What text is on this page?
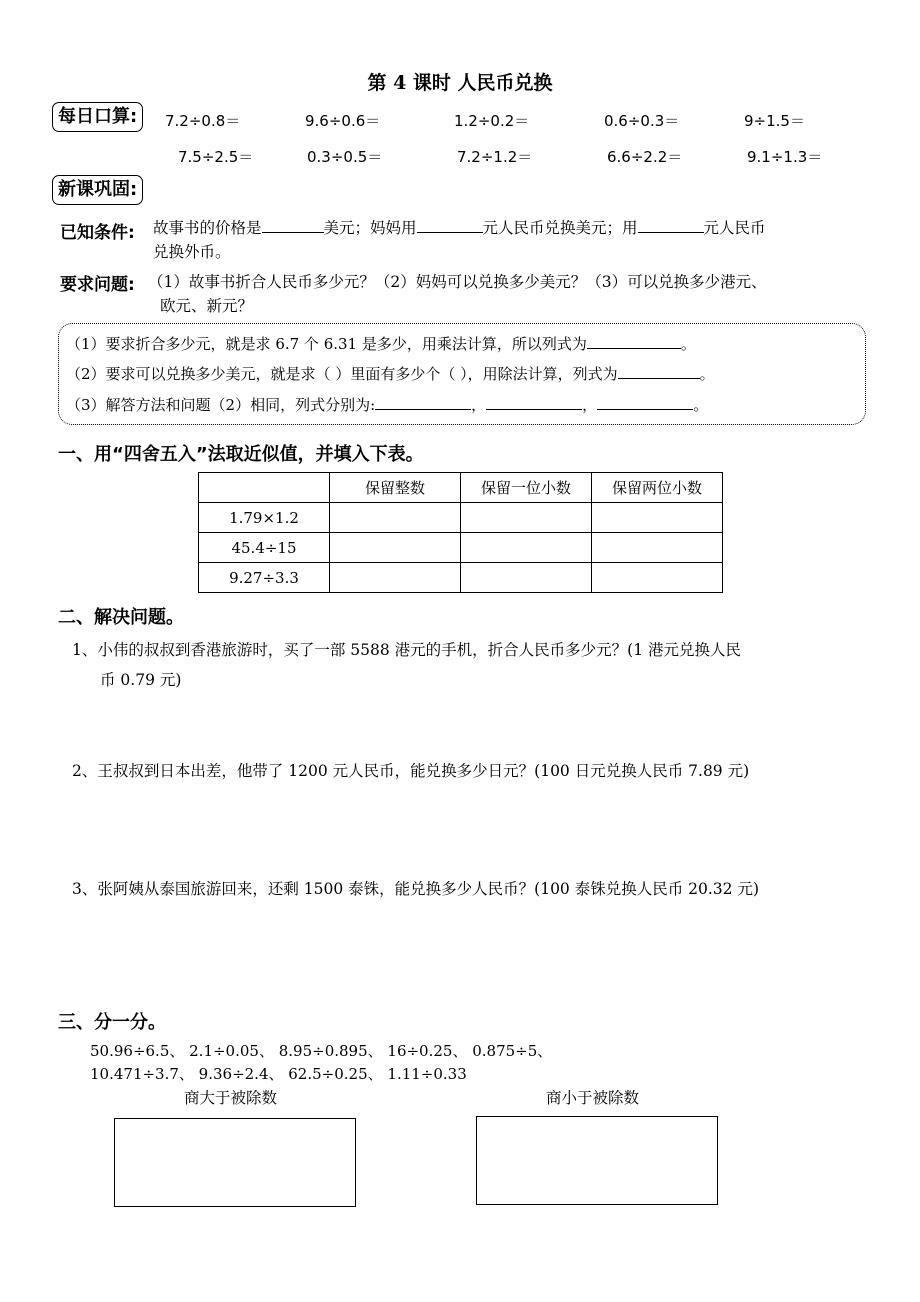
第 4 课时 人民币兑换
每日口算:	7.2÷0.8＝	9.6÷0.6＝	1.2÷0.2＝	0.6÷0.3＝	9÷1.5＝
7.5÷2.5＝	0.3÷0.5＝	7.2÷1.2＝	6.6÷2.2＝	9.1÷1.3＝
新课巩固:
已知条件: 故事书的价格是	美元；妈妈用	元人民币兑换美元；用	元人民币
兑换外币。
要求问题: （1）故事书折合人民币多少元？（2）妈妈可以兑换多少美元？（3）可以兑换多少港元、
欧元、新元？
（1）要求折合多少元，就是求 6.7 个 6.31 是多少，用乘法计算，所以列式为	。
（2）要求可以兑换多少美元，就是求（ ）里面有多少个（ ），用除法计算，列式为	。
（3）解答方法和问题（2）相同，列式分别为:	，	，	。
一、用“四舍五入”法取近似值，并填入下表。
	保留整数	保留一位小数	保留两位小数
1.79×1.2			
45.4÷15			
9.27÷3.3			
二、解决问题。
1、小伟的叔叔到香港旅游时，买了一部 5588 港元的手机，折合人民币多少元？(1 港元兑换人民
币 0.79 元)
2、王叔叔到日本出差，他带了 1200 元人民币，能兑换多少日元？(100 日元兑换人民币 7.89 元)
3、张阿姨从泰国旅游回来，还剩 1500 泰铢，能兑换多少人民币？(100 泰铢兑换人民币 20.32 元)
三、分一分。
50.96÷6.5、 2.1÷0.05、 8.95÷0.895、 16÷0.25、 0.875÷5、
10.471÷3.7、 9.36÷2.4、 62.5÷0.25、 1.11÷0.33
商大于被除数	商小于被除数
